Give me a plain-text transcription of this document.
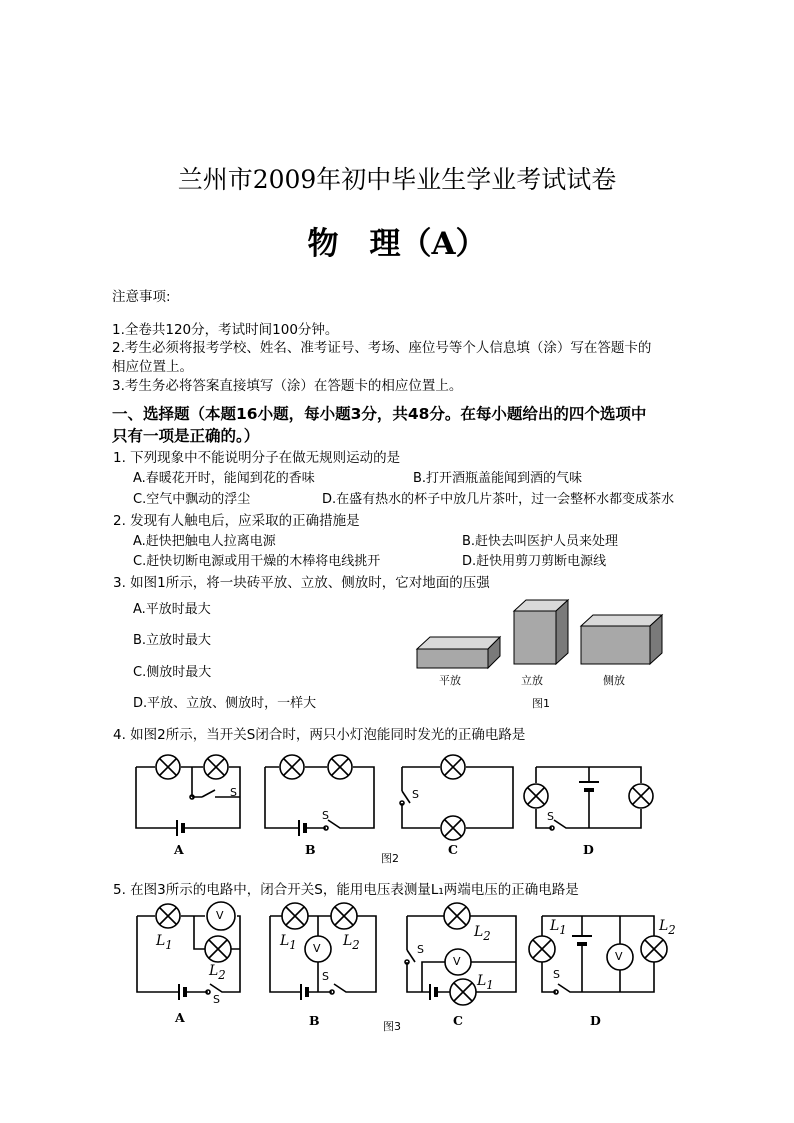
兰州市2009年初中毕业生学业考试试卷
物　理（A）
注意事项:
1.全卷共120分，考试时间100分钟。
2.考生必须将报考学校、姓名、准考证号、考场、座位号等个人信息填（涂）写在答题卡的
相应位置上。
3.考生务必将答案直接填写（涂）在答题卡的相应位置上。
一、选择题（本题16小题，每小题3分，共48分。在每小题给出的四个选项中
只有一项是正确的。）
1. 下列现象中不能说明分子在做无规则运动的是
A.春暖花开时，能闻到花的香味	B.打开酒瓶盖能闻到酒的气味
C.空气中飘动的浮尘	D.在盛有热水的杯子中放几片茶叶，过一会整杯水都变成茶水
2. 发现有人触电后，应采取的正确措施是
A.赶快把触电人拉离电源	B.赶快去叫医护人员来处理
C.赶快切断电源或用干燥的木棒将电线挑开	D.赶快用剪刀剪断电源线
3. 如图1所示，将一块砖平放、立放、侧放时，它对地面的压强
A.平放时最大
B.立放时最大
C.侧放时最大
D.平放、立放、侧放时，一样大
平放	立放	侧放
图1
4. 如图2所示，当开关S闭合时，两只小灯泡能同时发光的正确电路是
S
S
S
S
A	B	C	D
图2
5. 在图3所示的电路中，闭合开关S，能用电压表测量L₁两端电压的正确电路是
V
$L_1$
$L_2$
S
$L_1$	$L_2$
V
S
$L_2$
S
V
$L_1$
$L_1$	$L_2$
V
S
A	B	C	D
图3
